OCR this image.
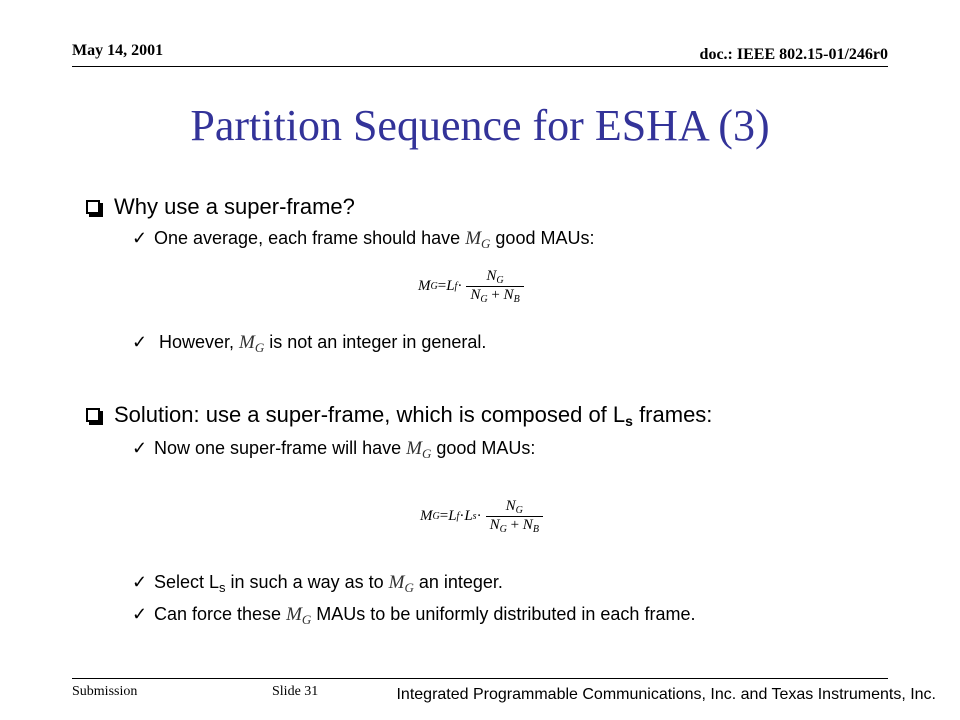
May 14, 2001	doc.: IEEE 802.15-01/246r0
Partition Sequence for ESHA (3)
Why use a super-frame?
✓ One average, each frame should have $M_G$ good MAUs:
M G = L $f \cdot \frac{N_G}{N_G + N_B}$
✓ However, $M_G$ is not an integer in general.
Solution: use a super-frame, which is composed of $L_s$ frames:
✓ Now one super-frame will have $M_G$ good MAUs:
M G = L f · L $s \cdot \frac{N_G}{N_G + N_B}$
✓ Select $L_s$ in such a way as to $M_G$ an integer.
✓ Can force these $M_G$ MAUs to be uniformly distributed in each frame.
Submission	Slide 31	Integrated Programmable Communications, Inc. and Texas Instruments, Inc.
